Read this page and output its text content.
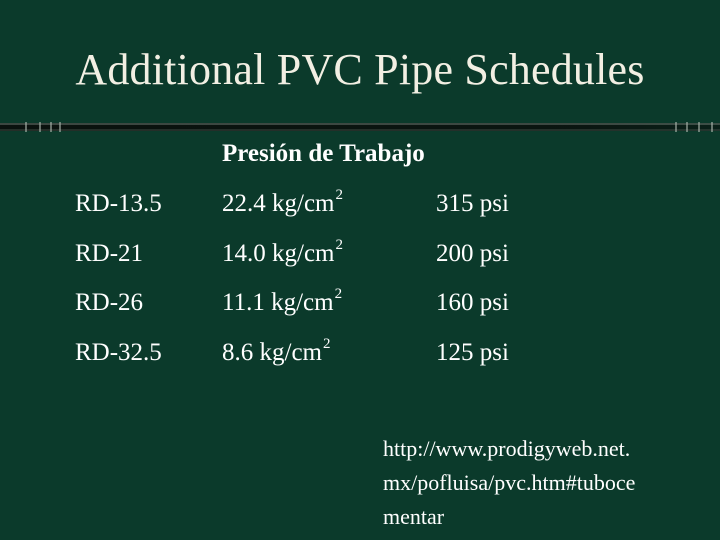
Additional PVC Pipe Schedules
Presión de Trabajo
RD-13.5 22.4 $kg/cm^2$	315 psi
RD-21	14.0 $kg/cm^2$	200 psi
RD-26	11.1 $kg/cm^2$	160 psi
RD-32.5 8.6 $kg/cm^2$	125 psi
http://www.prodigyweb.net.
mx/pofluisa/pvc.htm#tuboce
mentar
